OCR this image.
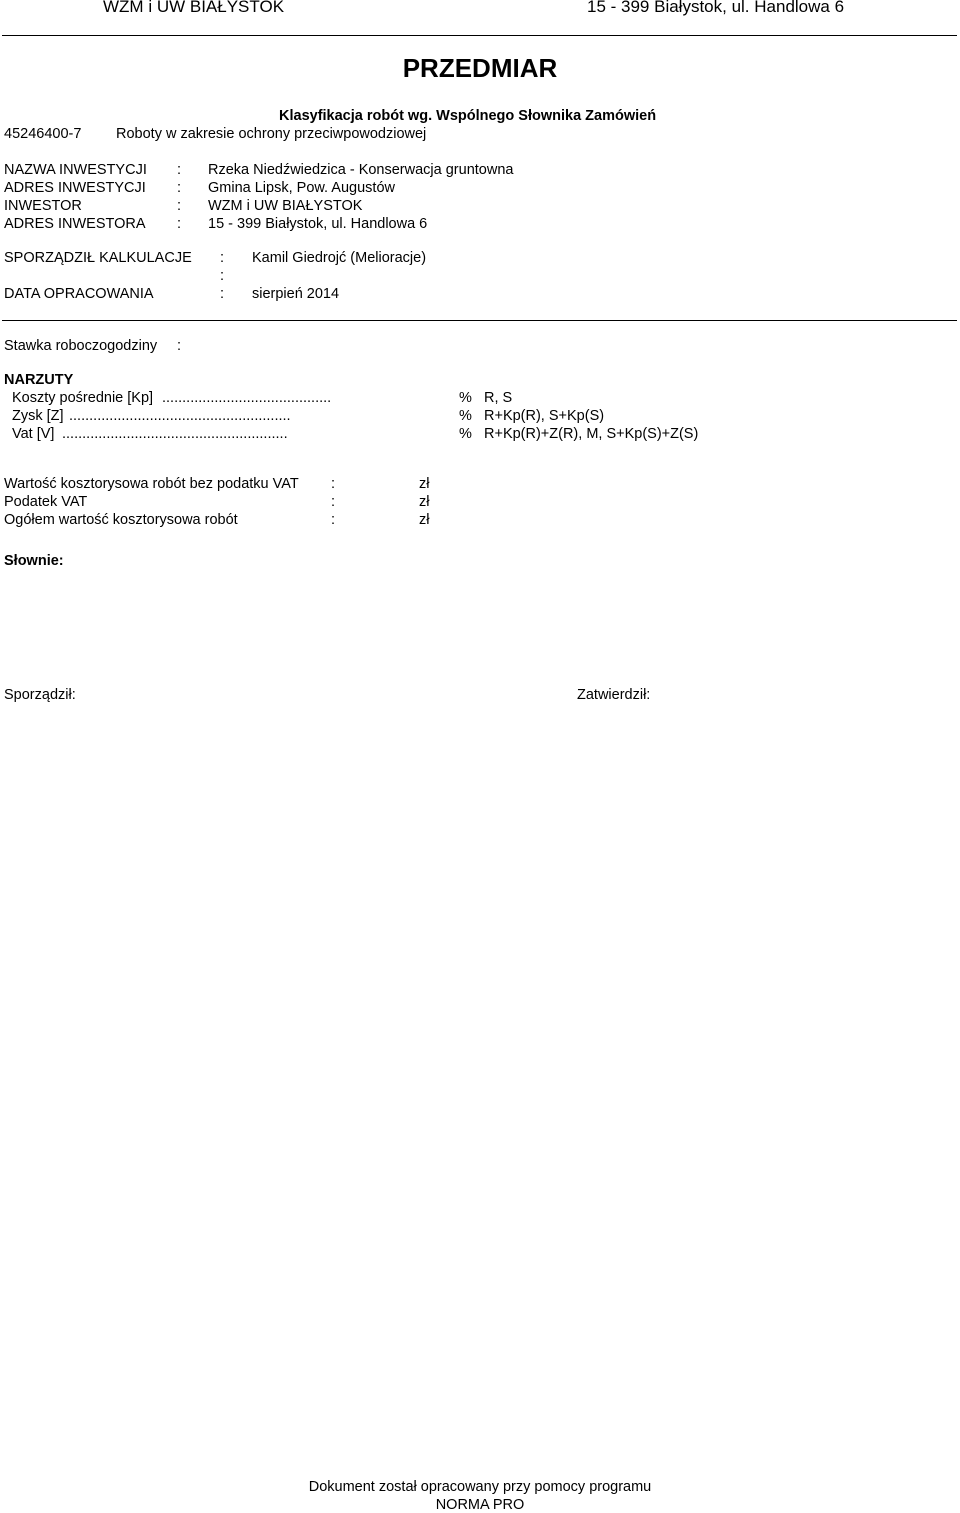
WZM i UW BIAŁYSTOK	15 - 399 Białystok, ul. Handlowa 6
PRZEDMIAR
Klasyfikacja robót wg. Wspólnego Słownika Zamówień
45246400-7 Roboty w zakresie ochrony przeciwpowodziowej
NAZWA INWESTYCJI : Rzeka Niedźwiedzica - Konserwacja gruntowna
ADRES INWESTYCJI : Gmina Lipsk, Pow. Augustów
INWESTOR	: WZM i UW BIAŁYSTOK
ADRES INWESTORA : 15 - 399 Białystok, ul. Handlowa 6
SPORZĄDZIŁ KALKULACJE : Kamil Giedrojć (Melioracje)
:
DATA OPRACOWANIA	: sierpień 2014
Stawka roboczogodziny :
NARZUTY
Koszty pośrednie [Kp] ..........................................	% R, S
Zysk [Z] .......................................................	% R+Kp(R), S+Kp(S)
Vat [V] ........................................................	% R+Kp(R)+Z(R), M, S+Kp(S)+Z(S)
Wartość kosztorysowa robót bez podatku VAT :	zł
Podatek VAT	:	zł
Ogółem wartość kosztorysowa robót	:	zł
Słownie:
Sporządził:	Zatwierdził:
Dokument został opracowany przy pomocy programu
NORMA PRO
